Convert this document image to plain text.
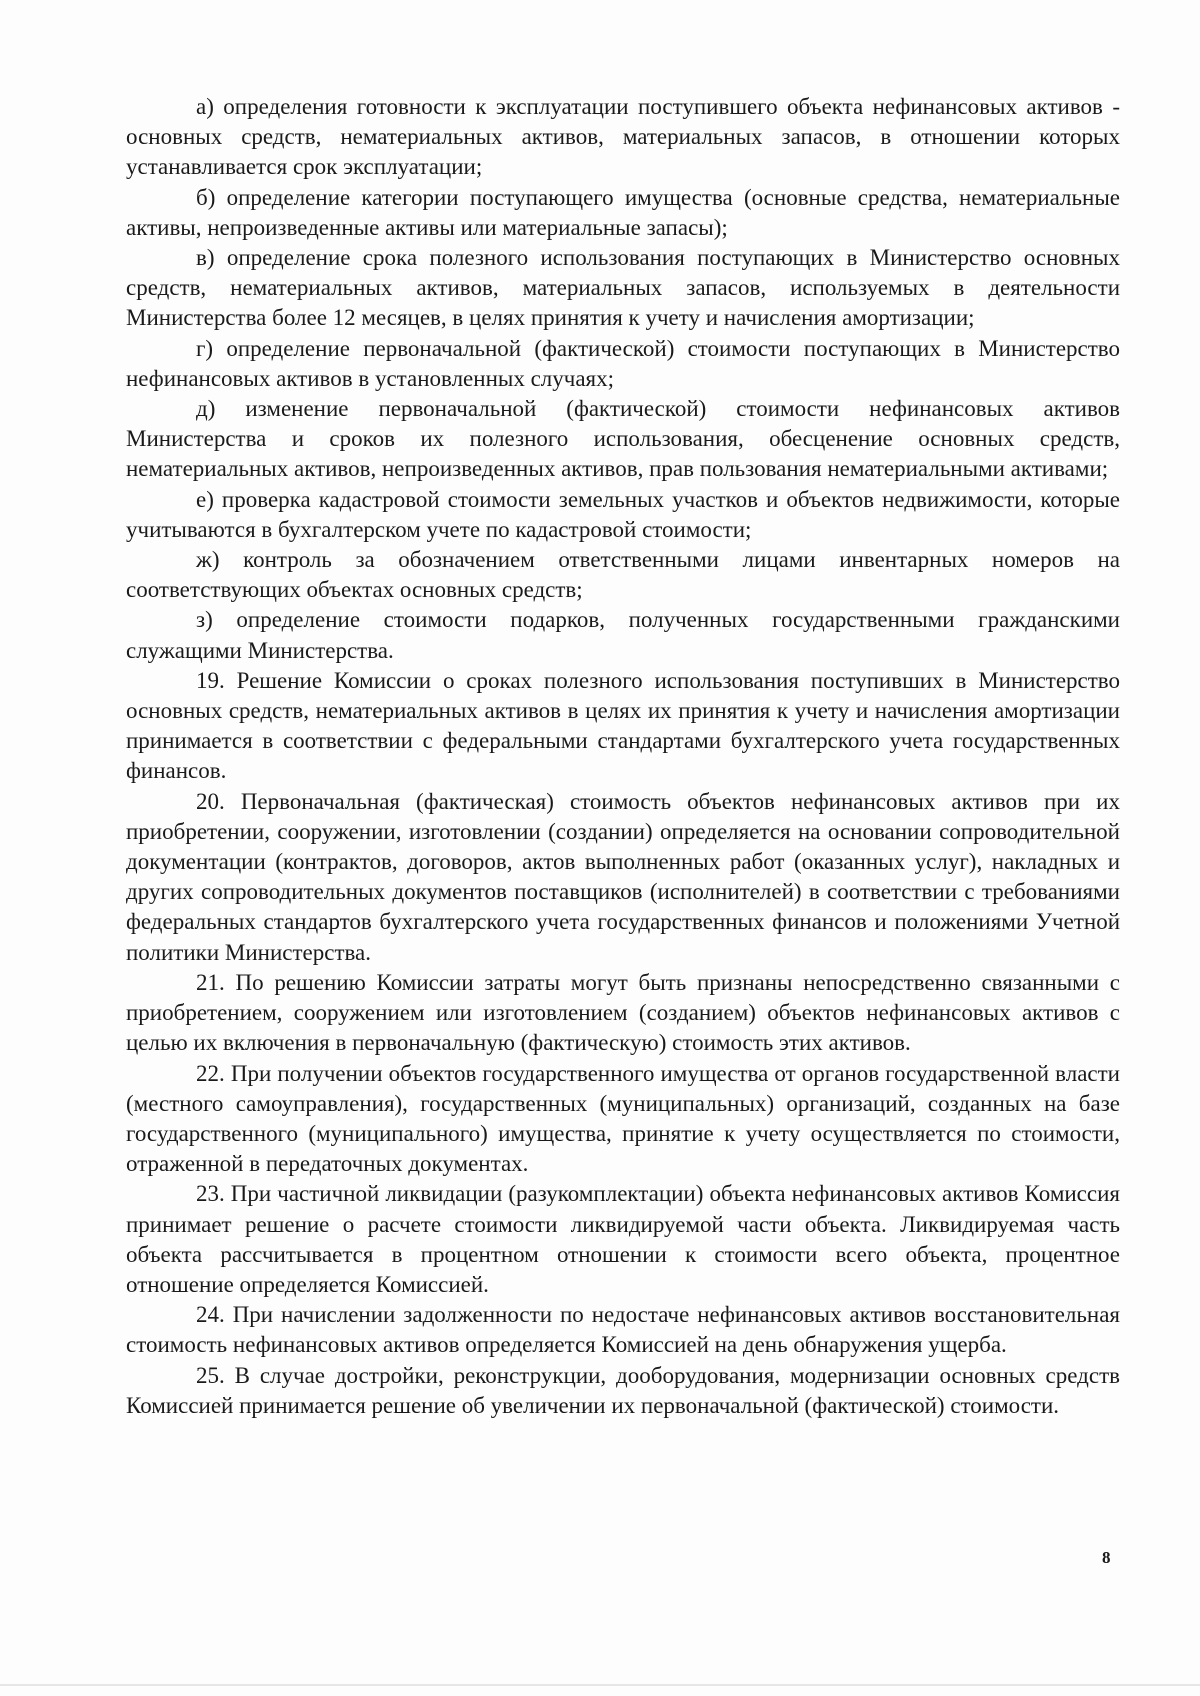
а) определения готовности к эксплуатации поступившего объекта нефинансовых активов - основных средств, нематериальных активов, материальных запасов, в отношении которых устанавливается срок эксплуатации;

б) определение категории поступающего имущества (основные средства, нематериальные активы, непроизведенные активы или материальные запасы);

в) определение срока полезного использования поступающих в Министерство основных средств, нематериальных активов, материальных запасов, используемых в деятельности Министерства более 12 месяцев, в целях принятия к учету и начисления амортизации;

г) определение первоначальной (фактической) стоимости поступающих в Министерство нефинансовых активов в установленных случаях;

д) изменение первоначальной (фактической) стоимости нефинансовых активов Министерства и сроков их полезного использования, обесценение основных средств, нематериальных активов, непроизведенных активов, прав пользования нематериальными активами;

е) проверка кадастровой стоимости земельных участков и объектов недвижимости, которые учитываются в бухгалтерском учете по кадастровой стоимости;

ж) контроль за обозначением ответственными лицами инвентарных номеров на соответствующих объектах основных средств;

з) определение стоимости подарков, полученных государственными гражданскими служащими Министерства.

19. Решение Комиссии о сроках полезного использования поступивших в Министерство основных средств, нематериальных активов в целях их принятия к учету и начисления амортизации принимается в соответствии с федеральными стандартами бухгалтерского учета государственных финансов.

20. Первоначальная (фактическая) стоимость объектов нефинансовых активов при их приобретении, сооружении, изготовлении (создании) определяется на основании сопроводительной документации (контрактов, договоров, актов выполненных работ (оказанных услуг), накладных и других сопроводительных документов поставщиков (исполнителей) в соответствии с требованиями федеральных стандартов бухгалтерского учета государственных финансов и положениями Учетной политики Министерства.

21. По решению Комиссии затраты могут быть признаны непосредственно связанными с приобретением, сооружением или изготовлением (созданием) объектов нефинансовых активов с целью их включения в первоначальную (фактическую) стоимость этих активов.

22. При получении объектов государственного имущества от органов государственной власти (местного самоуправления), государственных (муниципальных) организаций, созданных на базе государственного (муниципального) имущества, принятие к учету осуществляется по стоимости, отраженной в передаточных документах.

23. При частичной ликвидации (разукомплектации) объекта нефинансовых активов Комиссия принимает решение о расчете стоимости ликвидируемой части объекта. Ликвидируемая часть объекта рассчитывается в процентном отношении к стоимости всего объекта, процентное отношение определяется Комиссией.

24. При начислении задолженности по недостаче нефинансовых активов восстановительная стоимость нефинансовых активов определяется Комиссией на день обнаружения ущерба.

25. В случае достройки, реконструкции, дооборудования, модернизации основных средств Комиссией принимается решение об увеличении их первоначальной (фактической) стоимости.

8
